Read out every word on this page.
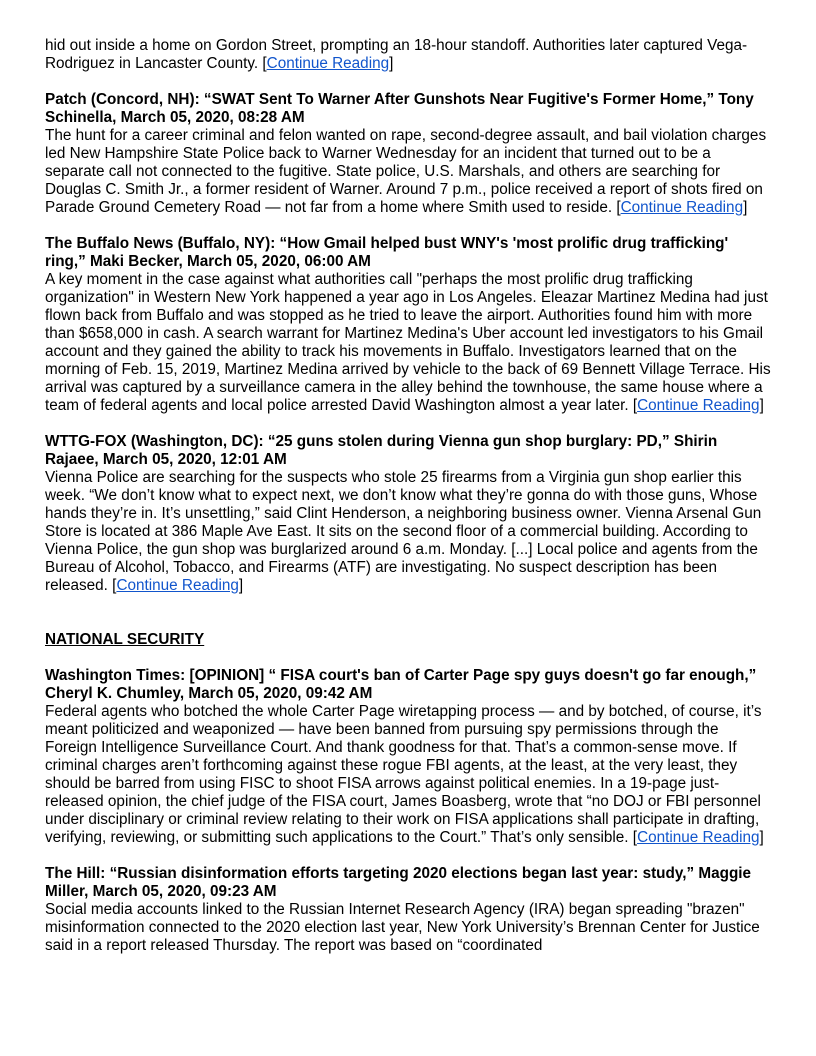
hid out inside a home on Gordon Street, prompting an 18-hour standoff. Authorities later captured Vega-Rodriguez in Lancaster County. [Continue Reading]

Patch (Concord, NH): “SWAT Sent To Warner After Gunshots Near Fugitive's Former Home,” Tony Schinella, March 05, 2020, 08:28 AM

The hunt for a career criminal and felon wanted on rape, second-degree assault, and bail violation charges led New Hampshire State Police back to Warner Wednesday for an incident that turned out to be a separate call not connected to the fugitive. State police, U.S. Marshals, and others are searching for Douglas C. Smith Jr., a former resident of Warner. Around 7 p.m., police received a report of shots fired on Parade Ground Cemetery Road — not far from a home where Smith used to reside. [Continue Reading]

The Buffalo News (Buffalo, NY): “How Gmail helped bust WNY's 'most prolific drug trafficking' ring,” Maki Becker, March 05, 2020, 06:00 AM

A key moment in the case against what authorities call "perhaps the most prolific drug trafficking organization" in Western New York happened a year ago in Los Angeles. Eleazar Martinez Medina had just flown back from Buffalo and was stopped as he tried to leave the airport. Authorities found him with more than $658,000 in cash. A search warrant for Martinez Medina's Uber account led investigators to his Gmail account and they gained the ability to track his movements in Buffalo. Investigators learned that on the morning of Feb. 15, 2019, Martinez Medina arrived by vehicle to the back of 69 Bennett Village Terrace. His arrival was captured by a surveillance camera in the alley behind the townhouse, the same house where a team of federal agents and local police arrested David Washington almost a year later. [Continue Reading]

WTTG-FOX (Washington, DC): “25 guns stolen during Vienna gun shop burglary: PD,” Shirin Rajaee, March 05, 2020, 12:01 AM

Vienna Police are searching for the suspects who stole 25 firearms from a Virginia gun shop earlier this week. “We don’t know what to expect next, we don’t know what they’re gonna do with those guns, Whose hands they’re in. It’s unsettling,” said Clint Henderson, a neighboring business owner. Vienna Arsenal Gun Store is located at 386 Maple Ave East. It sits on the second floor of a commercial building. According to Vienna Police, the gun shop was burglarized around 6 a.m. Monday. [...] Local police and agents from the Bureau of Alcohol, Tobacco, and Firearms (ATF) are investigating. No suspect description has been released. [Continue Reading]

NATIONAL SECURITY

Washington Times: [OPINION] “ FISA court's ban of Carter Page spy guys doesn't go far enough,” Cheryl K. Chumley, March 05, 2020, 09:42 AM

Federal agents who botched the whole Carter Page wiretapping process — and by botched, of course, it’s meant politicized and weaponized — have been banned from pursuing spy permissions through the Foreign Intelligence Surveillance Court. And thank goodness for that. That’s a common-sense move. If criminal charges aren’t forthcoming against these rogue FBI agents, at the least, at the very least, they should be barred from using FISC to shoot FISA arrows against political enemies. In a 19-page just-released opinion, the chief judge of the FISA court, James Boasberg, wrote that “no DOJ or FBI personnel under disciplinary or criminal review relating to their work on FISA applications shall participate in drafting, verifying, reviewing, or submitting such applications to the Court.” That’s only sensible. [Continue Reading]

The Hill: “Russian disinformation efforts targeting 2020 elections began last year: study,” Maggie Miller, March 05, 2020, 09:23 AM

Social media accounts linked to the Russian Internet Research Agency (IRA) began spreading "brazen" misinformation connected to the 2020 election last year, New York University’s Brennan Center for Justice said in a report released Thursday. The report was based on “coordinated
